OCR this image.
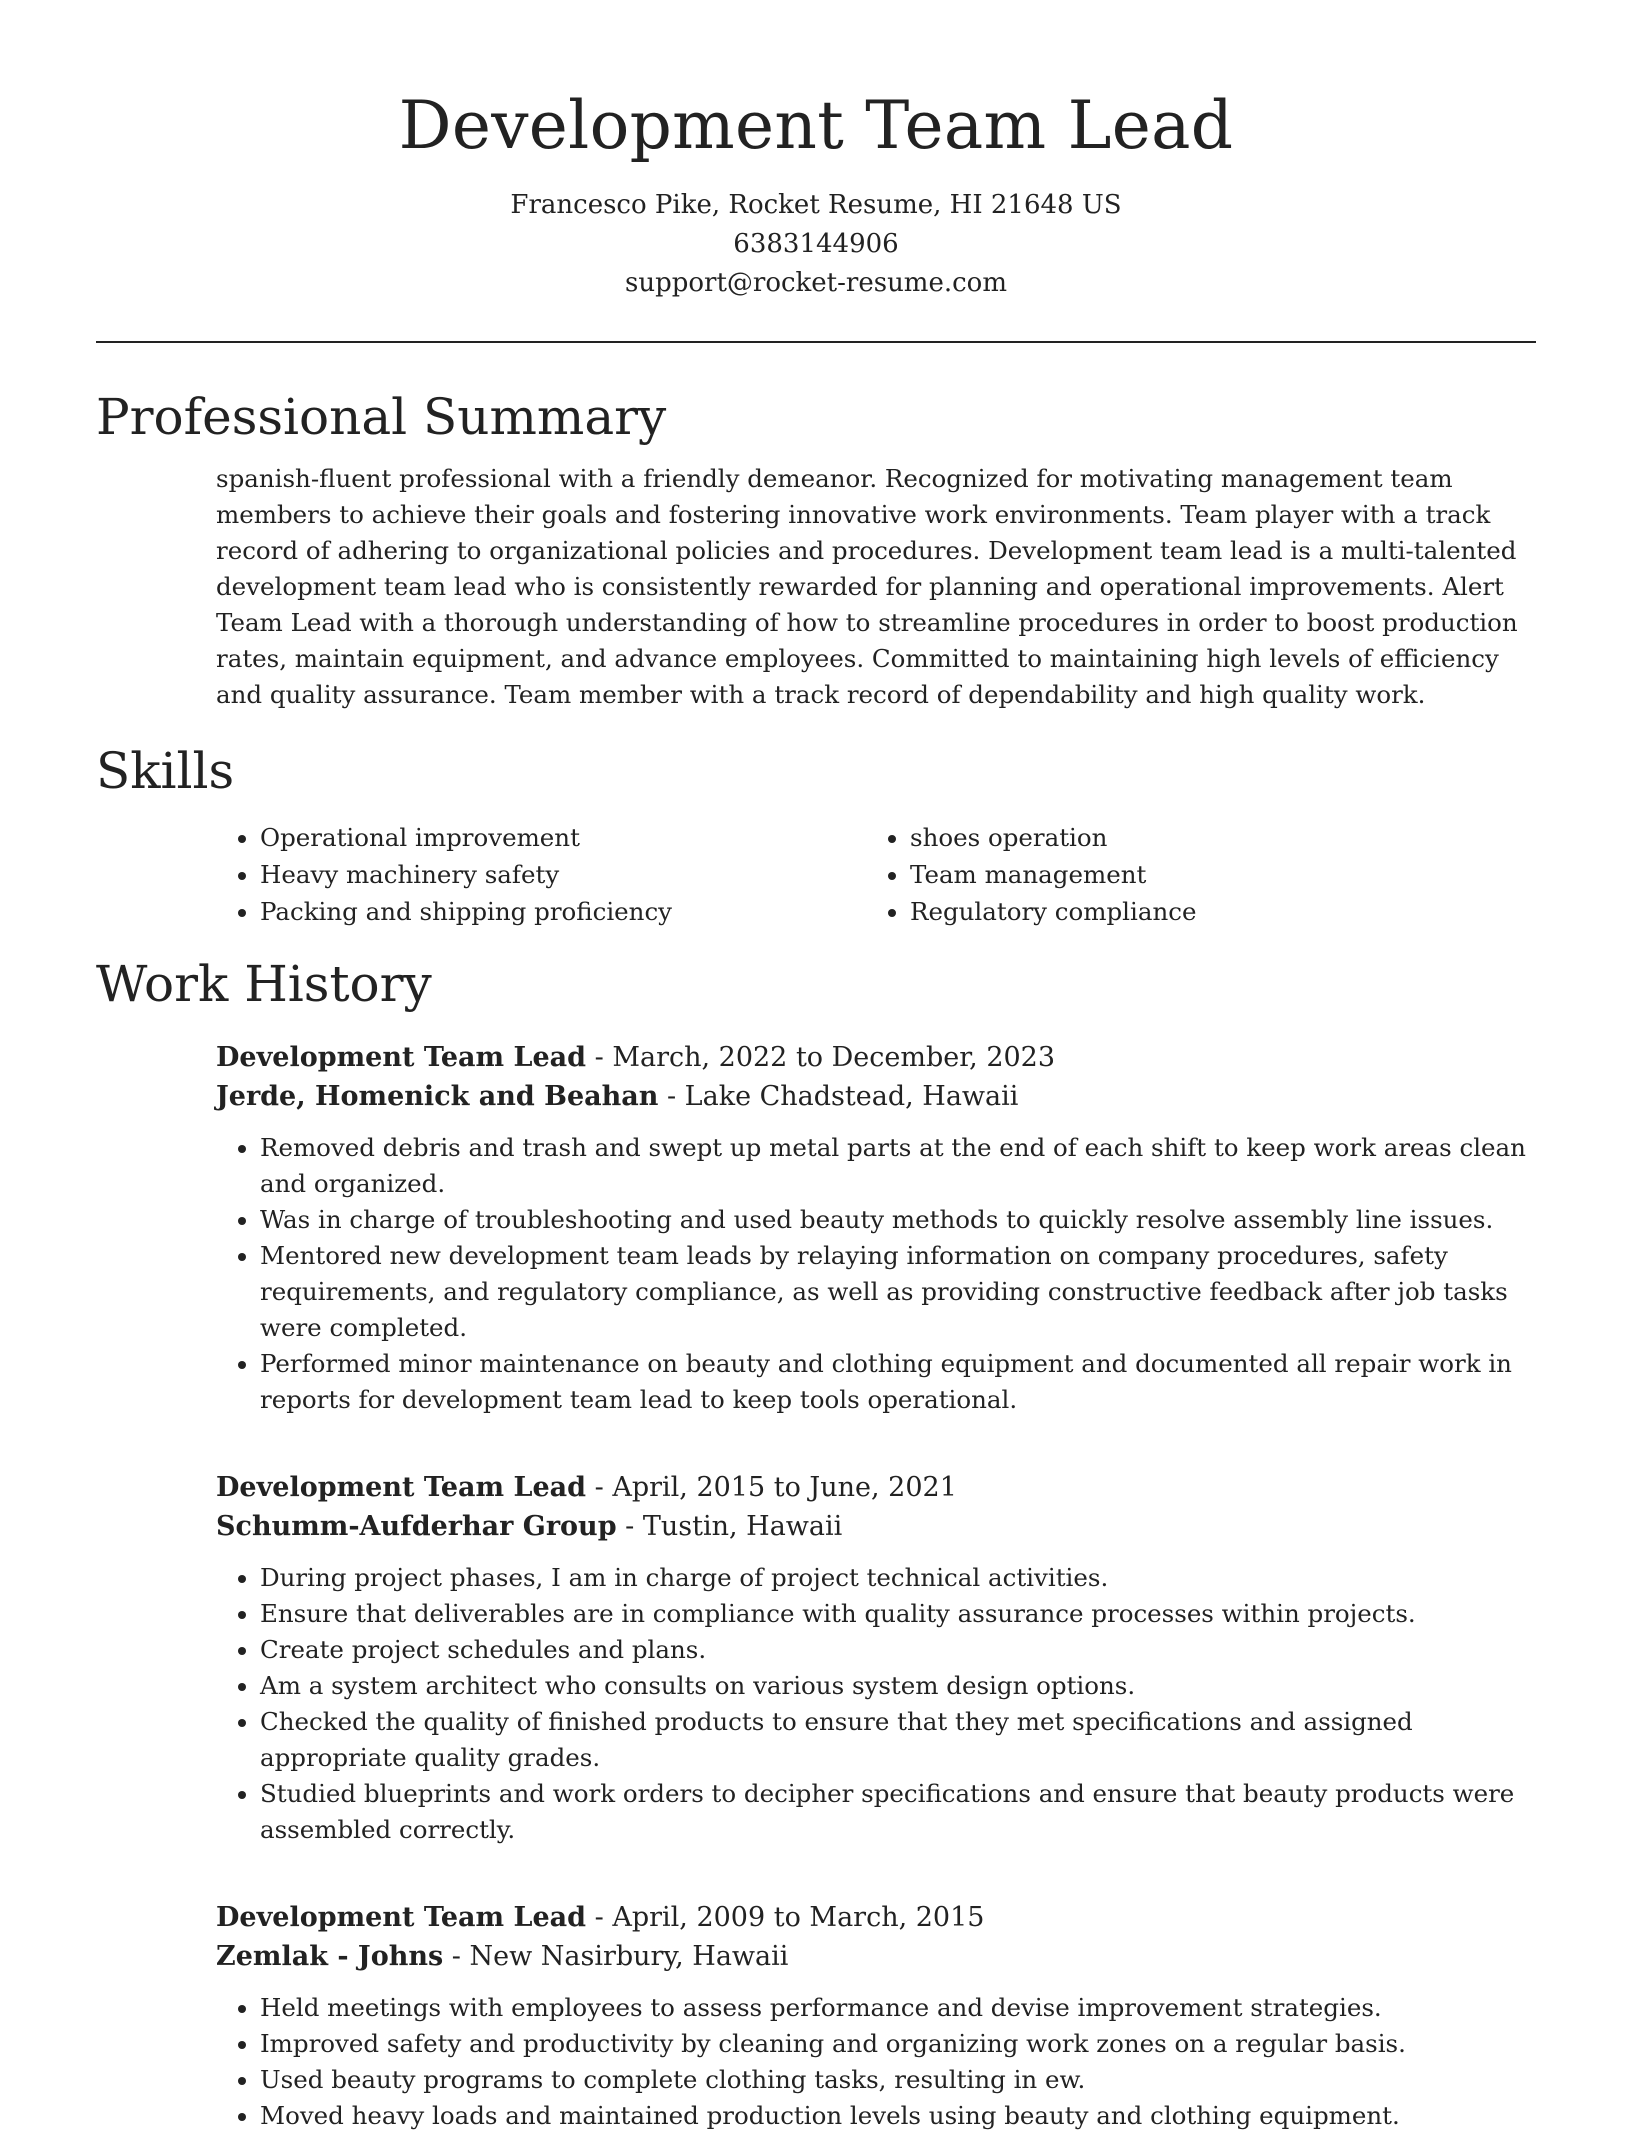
Development Team Lead
Francesco Pike, Rocket Resume, HI 21648 US
6383144906
support@rocket-resume.com
Professional Summary
spanish-fluent professional with a friendly demeanor. Recognized for motivating management team members to achieve their goals and fostering innovative work environments. Team player with a track record of adhering to organizational policies and procedures. Development team lead is a multi-talented development team lead who is consistently rewarded for planning and operational improvements. Alert Team Lead with a thorough understanding of how to streamline procedures in order to boost production rates, maintain equipment, and advance employees. Committed to maintaining high levels of efficiency and quality assurance. Team member with a track record of dependability and high quality work.
Skills
• Operational improvement
• Heavy machinery safety
• Packing and shipping proficiency
• shoes operation
• Team management
• Regulatory compliance
Work History
Development Team Lead - March, 2022 to December, 2023
Jerde, Homenick and Beahan - Lake Chadstead, Hawaii
• Removed debris and trash and swept up metal parts at the end of each shift to keep work areas clean and organized.
• Was in charge of troubleshooting and used beauty methods to quickly resolve assembly line issues.
• Mentored new development team leads by relaying information on company procedures, safety requirements, and regulatory compliance, as well as providing constructive feedback after job tasks were completed.
• Performed minor maintenance on beauty and clothing equipment and documented all repair work in reports for development team lead to keep tools operational.
Development Team Lead - April, 2015 to June, 2021
Schumm-Aufderhar Group - Tustin, Hawaii
• During project phases, I am in charge of project technical activities.
• Ensure that deliverables are in compliance with quality assurance processes within projects.
• Create project schedules and plans.
• Am a system architect who consults on various system design options.
• Checked the quality of finished products to ensure that they met specifications and assigned appropriate quality grades.
• Studied blueprints and work orders to decipher specifications and ensure that beauty products were assembled correctly.
Development Team Lead - April, 2009 to March, 2015
Zemlak - Johns - New Nasirbury, Hawaii
• Held meetings with employees to assess performance and devise improvement strategies.
• Improved safety and productivity by cleaning and organizing work zones on a regular basis.
• Used beauty programs to complete clothing tasks, resulting in ew.
• Moved heavy loads and maintained production levels using beauty and clothing equipment.
